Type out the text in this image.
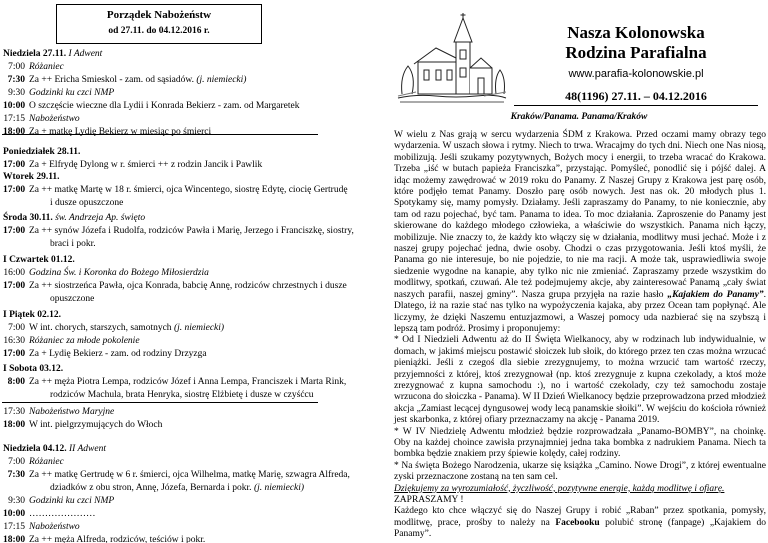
Porządek Nabożeństw
od 27.11. do 04.12.2016 r.
Niedziela 27.11. I Adwent
7:00 Różaniec
7:30 Za ++ Ericha Smieskol - zam. od sąsiadów. (j. niemiecki)
9:30 Godzinki ku czci NMP
10:00 O szczęście wieczne dla Lydii i Konrada Bekierz - zam. od Margaretek
17:15 Nabożeństwo
18:00 Za + matkę Lydię Bekierz w miesiąc po śmierci
Poniedziałek 28.11.
17:00 Za + Elfrydę Dylong w r. śmierci ++ z rodzin Jancik i Pawlik
Wtorek 29.11.
17:00 Za ++ matkę Martę w 18 r. śmierci, ojca Wincentego, siostrę Edytę, ciocię Gertrudę
i dusze opuszczone
Środa 30.11. św. Andrzeja Ap. święto
17:00 Za ++ synów Józefa i Rudolfa, rodziców Pawła i Marię, Jerzego i Franciszkę, siostry,
braci i pokr.
I Czwartek 01.12.
16:00 Godzina Św. i Koronka do Bożego Miłosierdzia
17:00 Za ++ siostrzeńca Pawła, ojca Konrada, babcię Annę, rodziców chrzestnych i dusze
opuszczone
I Piątek 02.12.
7:00 W int. chorych, starszych, samotnych (j. niemiecki)
16:30 Różaniec za młode pokolenie
17:00 Za + Lydię Bekierz - zam. od rodziny Drzyzga
I Sobota 03.12.
8:00 Za ++ męża Piotra Lempa, rodziców Józef i Anna Lempa, Franciszek i Marta Rink,
rodziców Machula, brata Henryka, siostrę Elżbietę i dusze w czyśćcu
17:30 Nabożeństwo Maryjne
18:00 W int. pielgrzymujących do Włoch
Niedziela 04.12. II Adwent
7:00 Różaniec
7:30 Za ++ matkę Gertrudę w 6 r. śmierci, ojca Wilhelma, matkę Marię, szwagra Alfreda,
dziadków z obu stron, Annę, Józefa, Bernarda i pokr. (j. niemiecki)
9:30 Godzinki ku czci NMP
10:00 …………………
17:15 Nabożeństwo
18:00 Za ++ męża Alfreda, rodziców, teściów i pokr.
Nasza Kolonowska
Rodzina Parafialna
www.parafia-kolonowskie.pl
48(1196) 27.11. – 04.12.2016
Kraków/Panama. Panama/Kraków

W wielu z Nas grają w sercu wydarzenia ŚDM z Krakowa. Przed oczami mamy obrazy tego wydarzenia. W uszach słowa i rytmy. Niech to trwa. Wracajmy do tych dni. Niech one Nas niosą, mobilizują. Jeśli szukamy pozytywnych, Bożych mocy i energii, to trzeba wracać do Krakowa. Trzeba „iść w butach papieża Franciszka”, przystając. Pomyśleć, ponodlić się i pójść dalej. A idąc możemy zawędrować w 2019 roku do Panamy. Z Naszej Grupy z Krakowa jest parę osób, które podjęło temat Panamy. Doszło parę osób nowych. Jest nas ok. 20 młodych plus 1. Spotykamy się, mamy pomysły. Działamy. Jeśli zapraszamy do Panamy, to nie koniecznie, aby tam od razu pojechać, być tam. Panama to idea. To moc działania. Zaproszenie do Panamy jest skierowane do każdego młodego człowieka, a właściwie do wszystkich. Panama nich łączy, mobilizuje. Nie znaczy to, że każdy kto włączy się w działania, modlitwy musi jechać. Może i z naszej grupy pojechać jedna, dwie osoby. Chodzi o czas przygotowania. Jeśli ktoś myśli, że Panama go nie interesuje, bo nie pojedzie, to nie ma racji. A może tak, usprawiedliwia swoje siedzenie wygodne na kanapie, aby tylko nic nie zmieniać. Zapraszamy przede wszystkim do modlitwy, spotkań, czuwań. Ale też podejmujemy akcje, aby zainteresować Panamą „cały świat naszych parafii, naszej gminy”. Nasza grupa przyjęła na razie hasło „Kajakiem do Panamy”. Dlatego, iż na razie stać nas tylko na wypożyczenia kajaka, aby przez Ocean tam popłynąć. Ale liczymy, że dzięki Naszemu entuzjazmowi, a Waszej pomocy uda nazbierać się na szybszą i lepszą tam podróż. Prosimy i proponujemy:

* Od I Niedzieli Adwentu aż do II Święta Wielkanocy, aby w rodzinach lub indywidualnie, w domach, w jakimś miejscu postawić słoiczek lub słoik, do którego przez ten czas można wrzucać pieniążki. Jeśli z czegoś dla siebie zrezygnujemy, to można wrzucić tam wartość rzeczy, przyjemności z której, ktoś zrezygnował (np. ktoś zrezygnuje z kupna czekolady, a ktoś może zrezygnować z kupna samochodu :), no i wartość czekolady, czy też samochodu zostaje wrzucona do słoiczka - Panama). W II Dzień Wielkanocy będzie przeprowadzona przed młodzież akcja „Zamiast lecącej dyngusowej wody lecą panamskie słoiki”. W wejściu do kościoła również jest skarbonka, z której ofiary przeznaczamy na akcję - Panama 2019.

* W IV Niedzielę Adwentu młodzież będzie rozprowadzała „Panamo-BOMBY”, na choinkę. Oby na każdej choince zawisła przynajmniej jedna taka bombka z nadrukiem Panama. Niech ta bombka będzie znakiem przy śpiewie kolędy, całej rodziny.

* Na święta Bożego Narodzenia, ukarze się książka „Camino. Nowe Drogi”, z której ewentualne zyski przeznaczone zostaną na ten sam cel.

Dziękujemy za wyrozumiałość, życzliwość, pozytywne energie, każdą modlitwę i ofiarę.

ZAPRASZAMY !

Każdego kto chce włączyć się do Naszej Grupy i robić „Raban” przez spotkania, pomysły, modlitwę, prace, prośby to należy na Facebooku polubić stronę (fanpage) „Kajakiem do Panamy”.
